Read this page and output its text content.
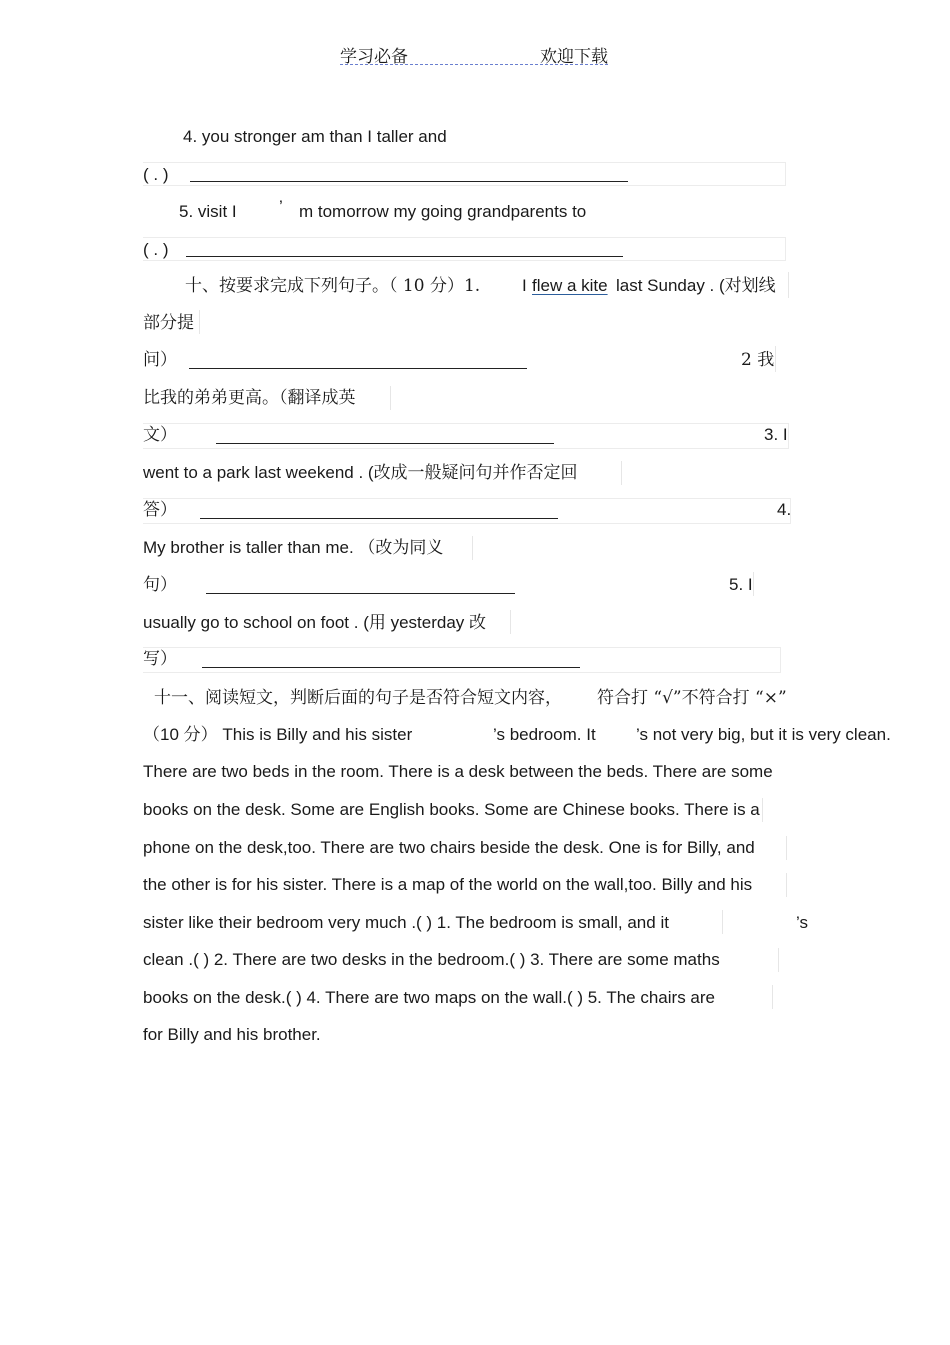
学习必备	欢迎下载
4. you stronger am than I taller and
( . )
5. visit I ’ m tomorrow my going grandparents to
( . )
十、按要求完成下列句子。（ 10 分）1. I flew a kite last Sunday . (对划线
部分提
问）	2 我
比我的弟弟更高。（翻译成英
文）	3. I
went to a park last weekend . (改成一般疑问句并作否定回
答）	4.
My brother is taller than me. （改为同义
句）	5. I
usually go to school on foot . (用 yesterday 改
写）
十一、阅读短文，判断后面的句子是否符合短文内容， 符合打 “√”不符合打 “×”
（10 分） This is Billy and his sister	’s bedroom. It ’s not very big, but it is very clean.
There are two beds in the room. There is a desk between the beds. There are some
books on the desk. Some are English books. Some are Chinese books. There is a
phone on the desk,too. There are two chairs beside the desk. One is for Billy, and
the other is for his sister. There is a map of the world on the wall,too. Billy and his
sister like their bedroom very much .( ) 1. The bedroom is small, and it	’s
clean .( ) 2. There are two desks in the bedroom.( ) 3. There are some maths
books on the desk.( ) 4. There are two maps on the wall.( ) 5. The chairs are
for Billy and his brother.
